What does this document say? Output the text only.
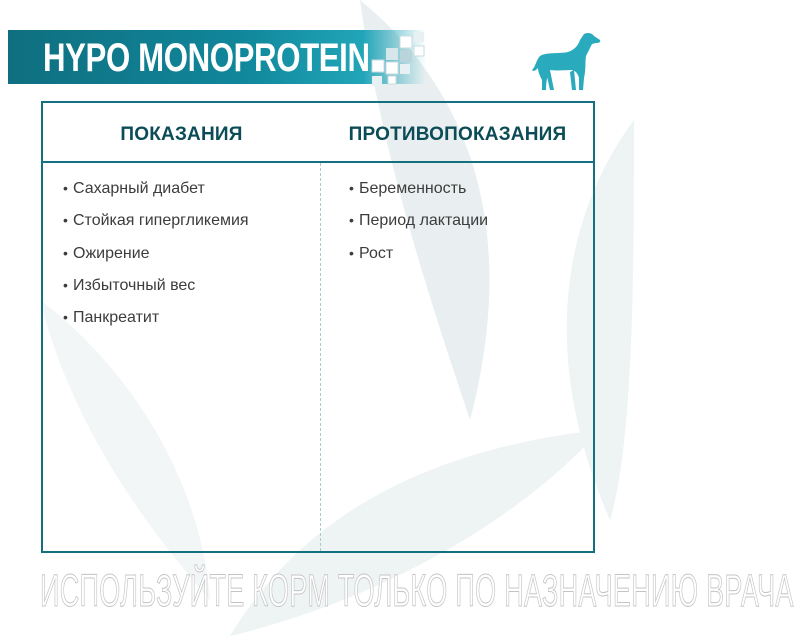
HYPO MONOPROTEIN
ПОКАЗАНИЯ	ПРОТИВОПОКАЗАНИЯ
• Сахарный диабет
• Стойкая гипергликемия
• Ожирение
• Избыточный вес
• Панкреатит
• Беременность
• Период лактации
• Рост
ИСПОЛЬЗУЙТЕ КОРМ ТОЛЬКО ПО НАЗНАЧЕНИЮ ВРАЧА
